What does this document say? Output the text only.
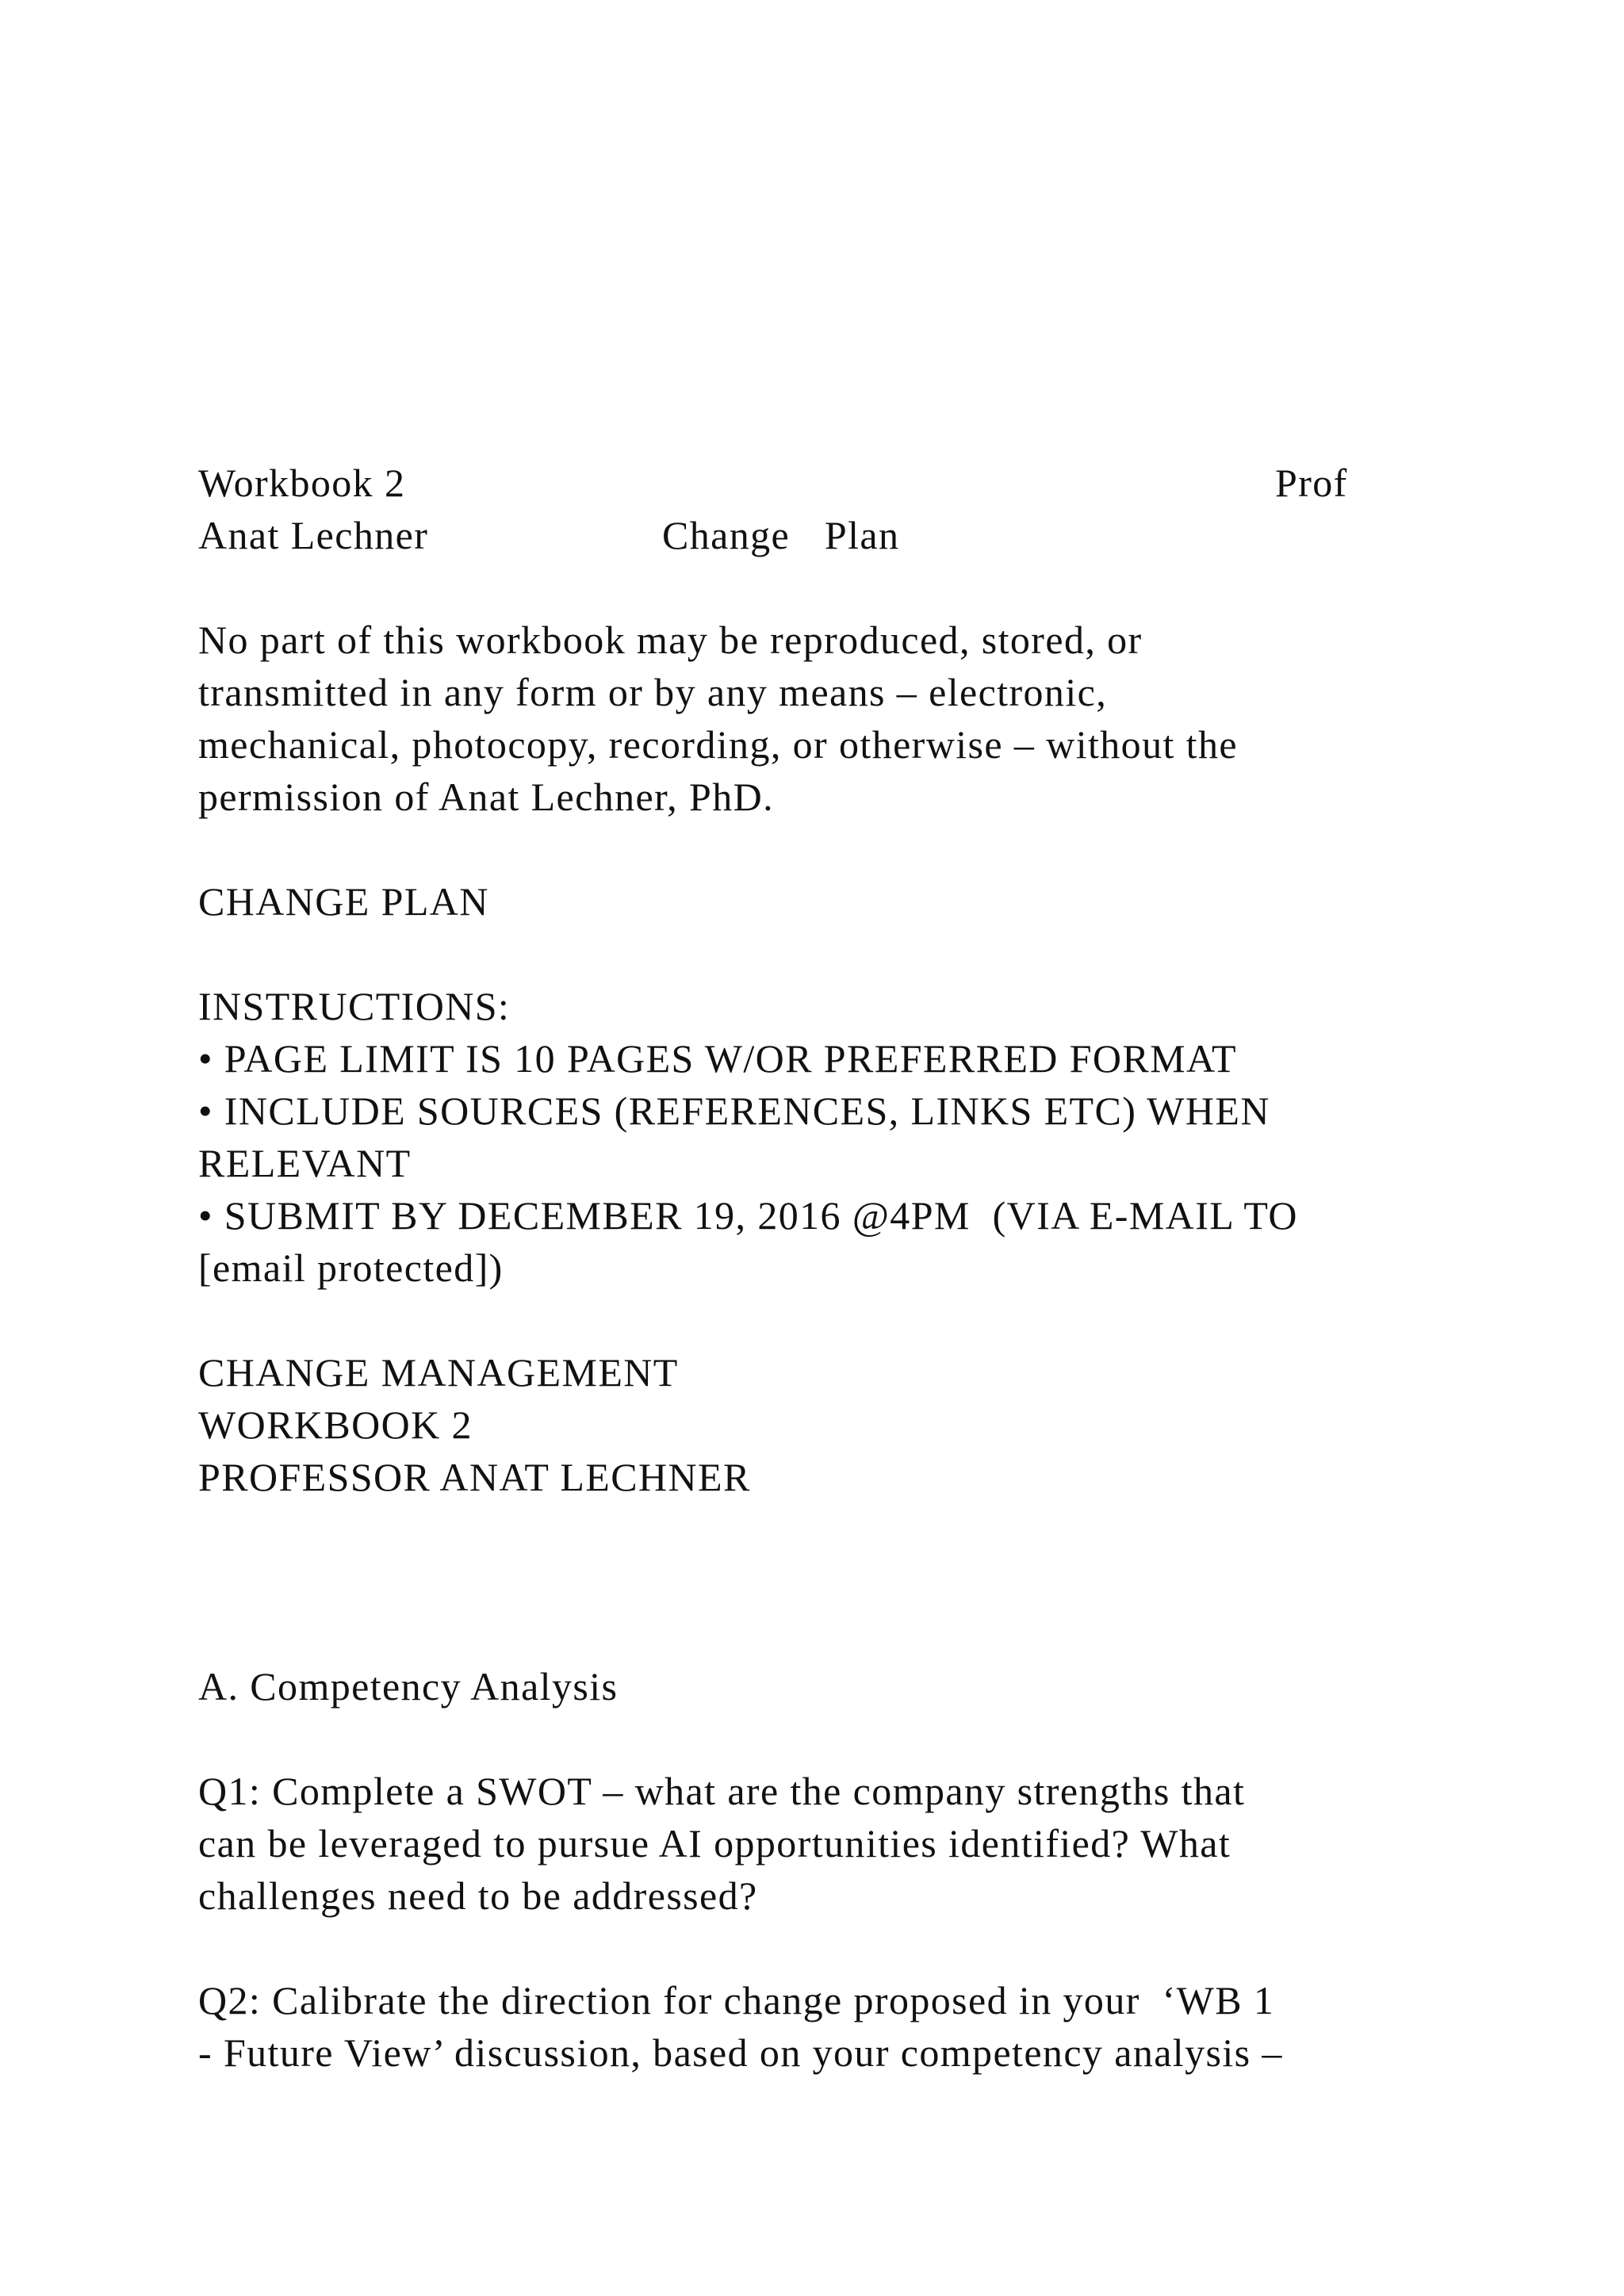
Workbook 2	Prof
Anat Lechner	Change  Plan
No part of this workbook may be reproduced, stored, or
transmitted in any form or by any means – electronic,
mechanical, photocopy, recording, or otherwise – without the
permission of Anat Lechner, PhD.
CHANGE PLAN
INSTRUCTIONS:
• PAGE LIMIT IS 10 PAGES W/OR PREFERRED FORMAT
• INCLUDE SOURCES (REFERENCES, LINKS ETC) WHEN
RELEVANT
• SUBMIT BY DECEMBER 19, 2016 @4PM  (VIA E-MAIL TO
[email protected])
CHANGE MANAGEMENT
WORKBOOK 2
PROFESSOR ANAT LECHNER
A. Competency Analysis
Q1: Complete a SWOT – what are the company strengths that
can be leveraged to pursue AI opportunities identified? What
challenges need to be addressed?
Q2: Calibrate the direction for change proposed in your  ‘WB 1
- Future View’ discussion, based on your competency analysis –
